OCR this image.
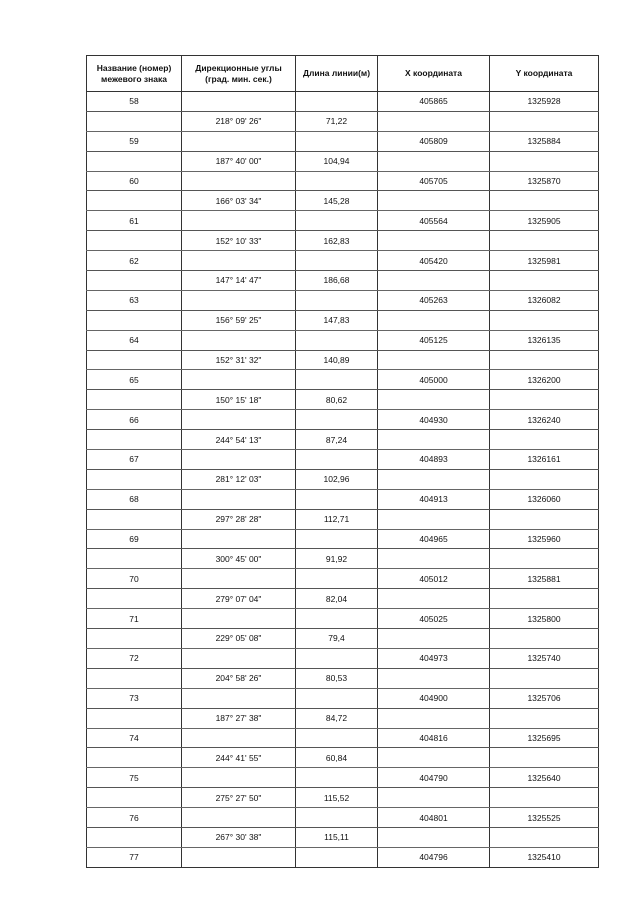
Название (номер) межевого знака	Дирекционные углы (град. мин. сек.)	Длина линии(м)	X координата	Y координата
58			405865	1325928
	218° 09' 26"	71,22		
59			405809	1325884
	187° 40' 00"	104,94		
60			405705	1325870
	166° 03' 34"	145,28		
61			405564	1325905
	152° 10' 33"	162,83		
62			405420	1325981
	147° 14' 47"	186,68		
63			405263	1326082
	156° 59' 25"	147,83		
64			405125	1326135
	152° 31' 32"	140,89		
65			405000	1326200
	150° 15' 18"	80,62		
66			404930	1326240
	244° 54' 13"	87,24		
67			404893	1326161
	281° 12' 03"	102,96		
68			404913	1326060
	297° 28' 28"	112,71		
69			404965	1325960
	300° 45' 00"	91,92		
70			405012	1325881
	279° 07' 04"	82,04		
71			405025	1325800
	229° 05' 08"	79,4		
72			404973	1325740
	204° 58' 26"	80,53		
73			404900	1325706
	187° 27' 38"	84,72		
74			404816	1325695
	244° 41' 55"	60,84		
75			404790	1325640
	275° 27' 50"	115,52		
76			404801	1325525
	267° 30' 38"	115,11		
77			404796	1325410
